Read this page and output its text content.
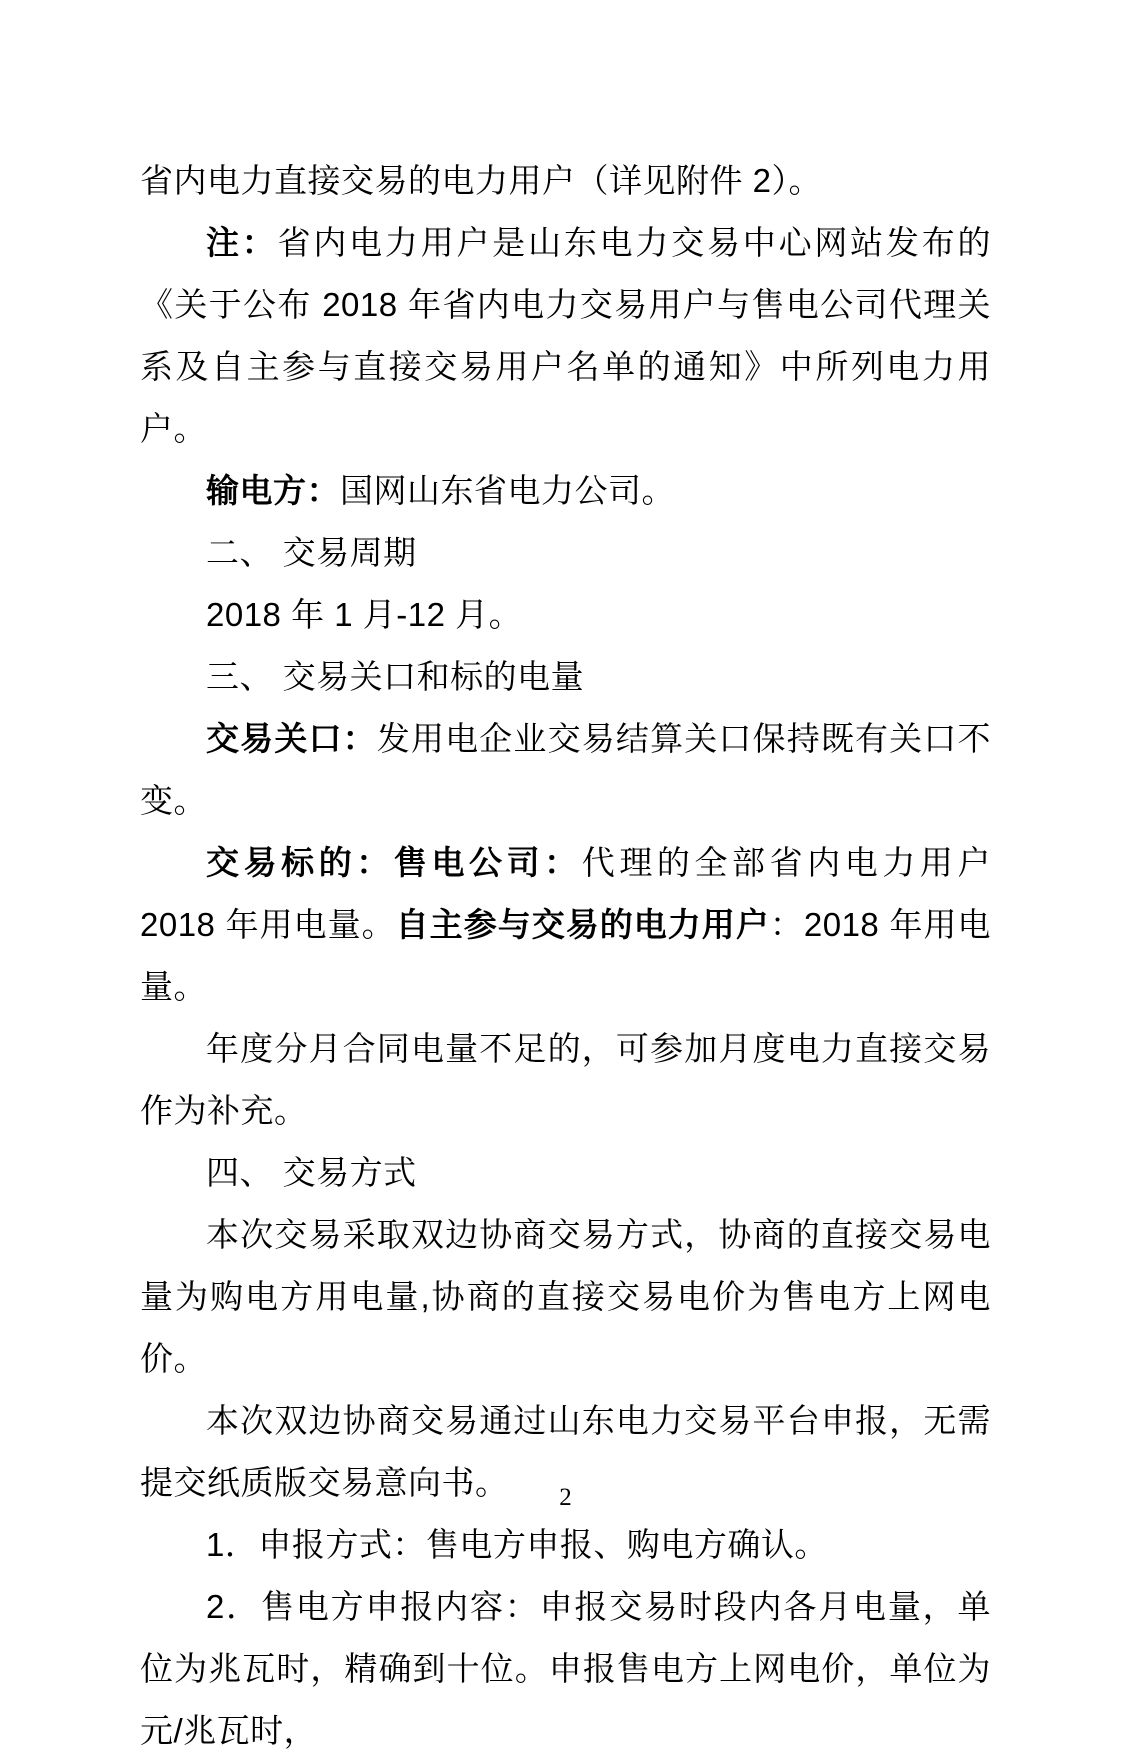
省内电力直接交易的电力用户（详见附件 2）。
注：省内电力用户是山东电力交易中心网站发布的《关于公布 2018 年省内电力交易用户与售电公司代理关系及自主参与直接交易用户名单的通知》中所列电力用户。
输电方：国网山东省电力公司。
二、 交易周期
2018 年 1 月-12 月。
三、 交易关口和标的电量
交易关口：发用电企业交易结算关口保持既有关口不变。
交易标的：售电公司：代理的全部省内电力用户 2018 年用电量。自主参与交易的电力用户：2018 年用电量。
年度分月合同电量不足的，可参加月度电力直接交易作为补充。
四、 交易方式
本次交易采取双边协商交易方式，协商的直接交易电量为购电方用电量,协商的直接交易电价为售电方上网电价。
本次双边协商交易通过山东电力交易平台申报，无需提交纸质版交易意向书。
1．申报方式：售电方申报、购电方确认。
2．售电方申报内容：申报交易时段内各月电量，单位为兆瓦时，精确到十位。申报售电方上网电价，单位为元/兆瓦时，
2
